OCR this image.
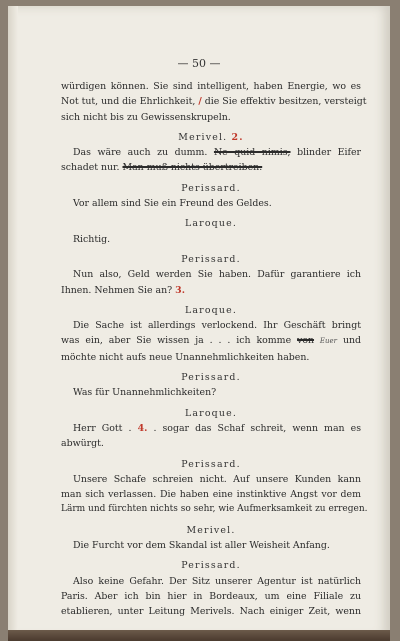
— 50 —
würdigen können. Sie sind intelligent, haben Energie, wo es
Not tut, und die Ehrlichkeit, / die Sie effektiv besitzen, versteigt
sich nicht bis zu Gewissenskrupeln.
Merivel. 2.
Das wäre auch zu dumm. Ne quid nimis, blinder Eifer
schadet nur. Man muß nichts übertreiben.
Perissard.
Vor allem sind Sie ein Freund des Geldes.
Laroque.
Richtig.
Perissard.
Nun also, Geld werden Sie haben. Dafür garantiere ich
Ihnen. Nehmen Sie an? 3.
Laroque.
Die Sache ist allerdings verlockend. Ihr Geschäft bringt
was ein, aber Sie wissen ja . . . ich komme von Euer und
möchte nicht aufs neue Unannehmlichkeiten haben.
Perissard.
Was für Unannehmlichkeiten?
Laroque.
Herr Gott . 4. . sogar das Schaf schreit, wenn man es
abwürgt.
Perissard.
Unsere Schafe schreien nicht. Auf unsere Kunden kann
man sich verlassen. Die haben eine instinktive Angst vor dem
Lärm und fürchten nichts so sehr, wie Aufmerksamkeit zu erregen.
Merivel.
Die Furcht vor dem Skandal ist aller Weisheit Anfang.
Perissard.
Also keine Gefahr. Der Sitz unserer Agentur ist natürlich
Paris. Aber ich bin hier in Bordeaux, um eine Filiale zu
etablieren, unter Leitung Merivels. Nach einiger Zeit, wenn
